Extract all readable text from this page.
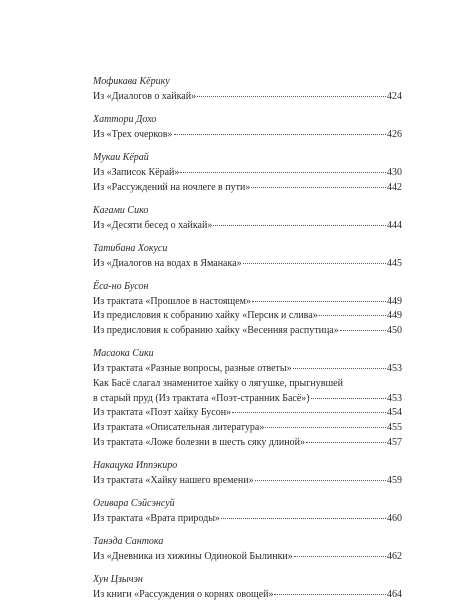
Мофикава Кёрику
Из «Диалогов о хайкай»	424
Хаттори Дохо
Из «Трех очерков»	426
Мукаи Кёрай
Из «Записок Кёрай»	430
Из «Рассуждений на ночлеге в пути»	442
Кагами Сико
Из «Десяти бесед о хайкай»	444
Татибана Хокуси
Из «Диалогов на водах в Яманака»	445
Ёса-но Бусон
Из трактата «Прошлое в настоящем»	449
Из предисловия к собранию хайку «Персик и слива»	449
Из предисловия к собранию хайку «Весенняя распутица»	450
Масаока Сики
Из трактата «Разные вопросы, разные ответы»	453
Как Басё слагал знаменитое хайку о лягушке, прыгнувшей
в старый пруд (Из трактата «Поэт-странник Басё»)	453
Из трактата «Поэт хайку Бусон»	454
Из трактата «Описательная литература»	455
Из трактата «Ложе болезни в шесть сяку длиной»	457
Накацука Иппэкиро
Из трактата «Хайку нашего времени»	459
Огивара Сэйсэнсуй
Из трактата «Врата природы»	460
Танэда Сантока
Из «Дневника из хижины Одинокой Былинки»	462
Хун Цзычэн
Из книги «Рассуждения о корнях овощей»	464
